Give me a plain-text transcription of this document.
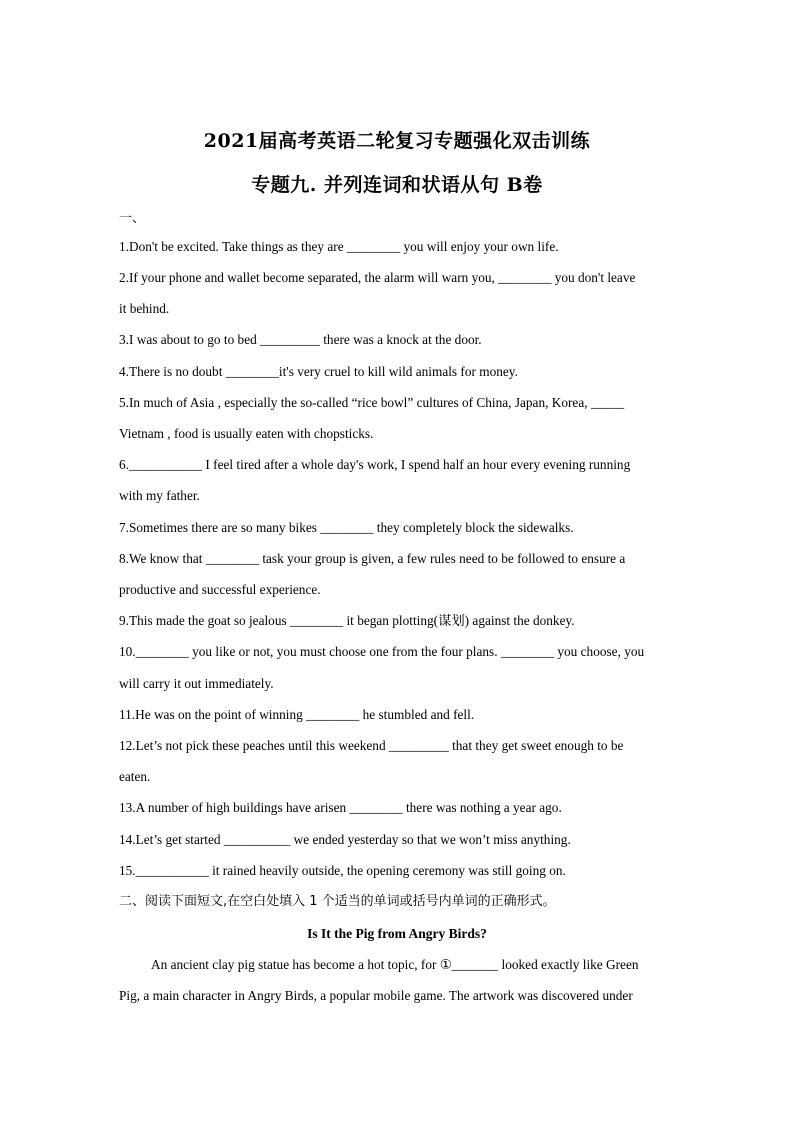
2021届高考英语二轮复习专题强化双击训练
专题九. 并列连词和状语从句 B卷
一、
1.Don't be excited. Take things as they are ________ you will enjoy your own life.
2.If your phone and wallet become separated, the alarm will warn you, ________ you don't leave
it behind.
3.I was about to go to bed _________ there was a knock at the door.
4.There is no doubt ________it's very cruel to kill wild animals for money.
5.In much of Asia , especially the so-called “rice bowl” cultures of China, Japan, Korea, _____
Vietnam , food is usually eaten with chopsticks.
6.___________ I feel tired after a whole day's work, I spend half an hour every evening running
with my father.
7.Sometimes there are so many bikes ________ they completely block the sidewalks.
8.We know that ________ task your group is given, a few rules need to be followed to ensure a
productive and successful experience.
9.This made the goat so jealous ________ it began plotting(谋划) against the donkey.
10.________ you like or not, you must choose one from the four plans. ________ you choose, you
will carry it out immediately.
11.He was on the point of winning ________ he stumbled and fell.
12.Let’s not pick these peaches until this weekend _________ that they get sweet enough to be
eaten.
13.A number of high buildings have arisen ________ there was nothing a year ago.
14.Let’s get started __________ we ended yesterday so that we won’t miss anything.
15.___________ it rained heavily outside, the opening ceremony was still going on.
二、阅读下面短文,在空白处填入 1 个适当的单词或括号内单词的正确形式。
Is It the Pig from Angry Birds?
An ancient clay pig statue has become a hot topic, for ①_______ looked exactly like Green
Pig, a main character in Angry Birds, a popular mobile game. The artwork was discovered under
